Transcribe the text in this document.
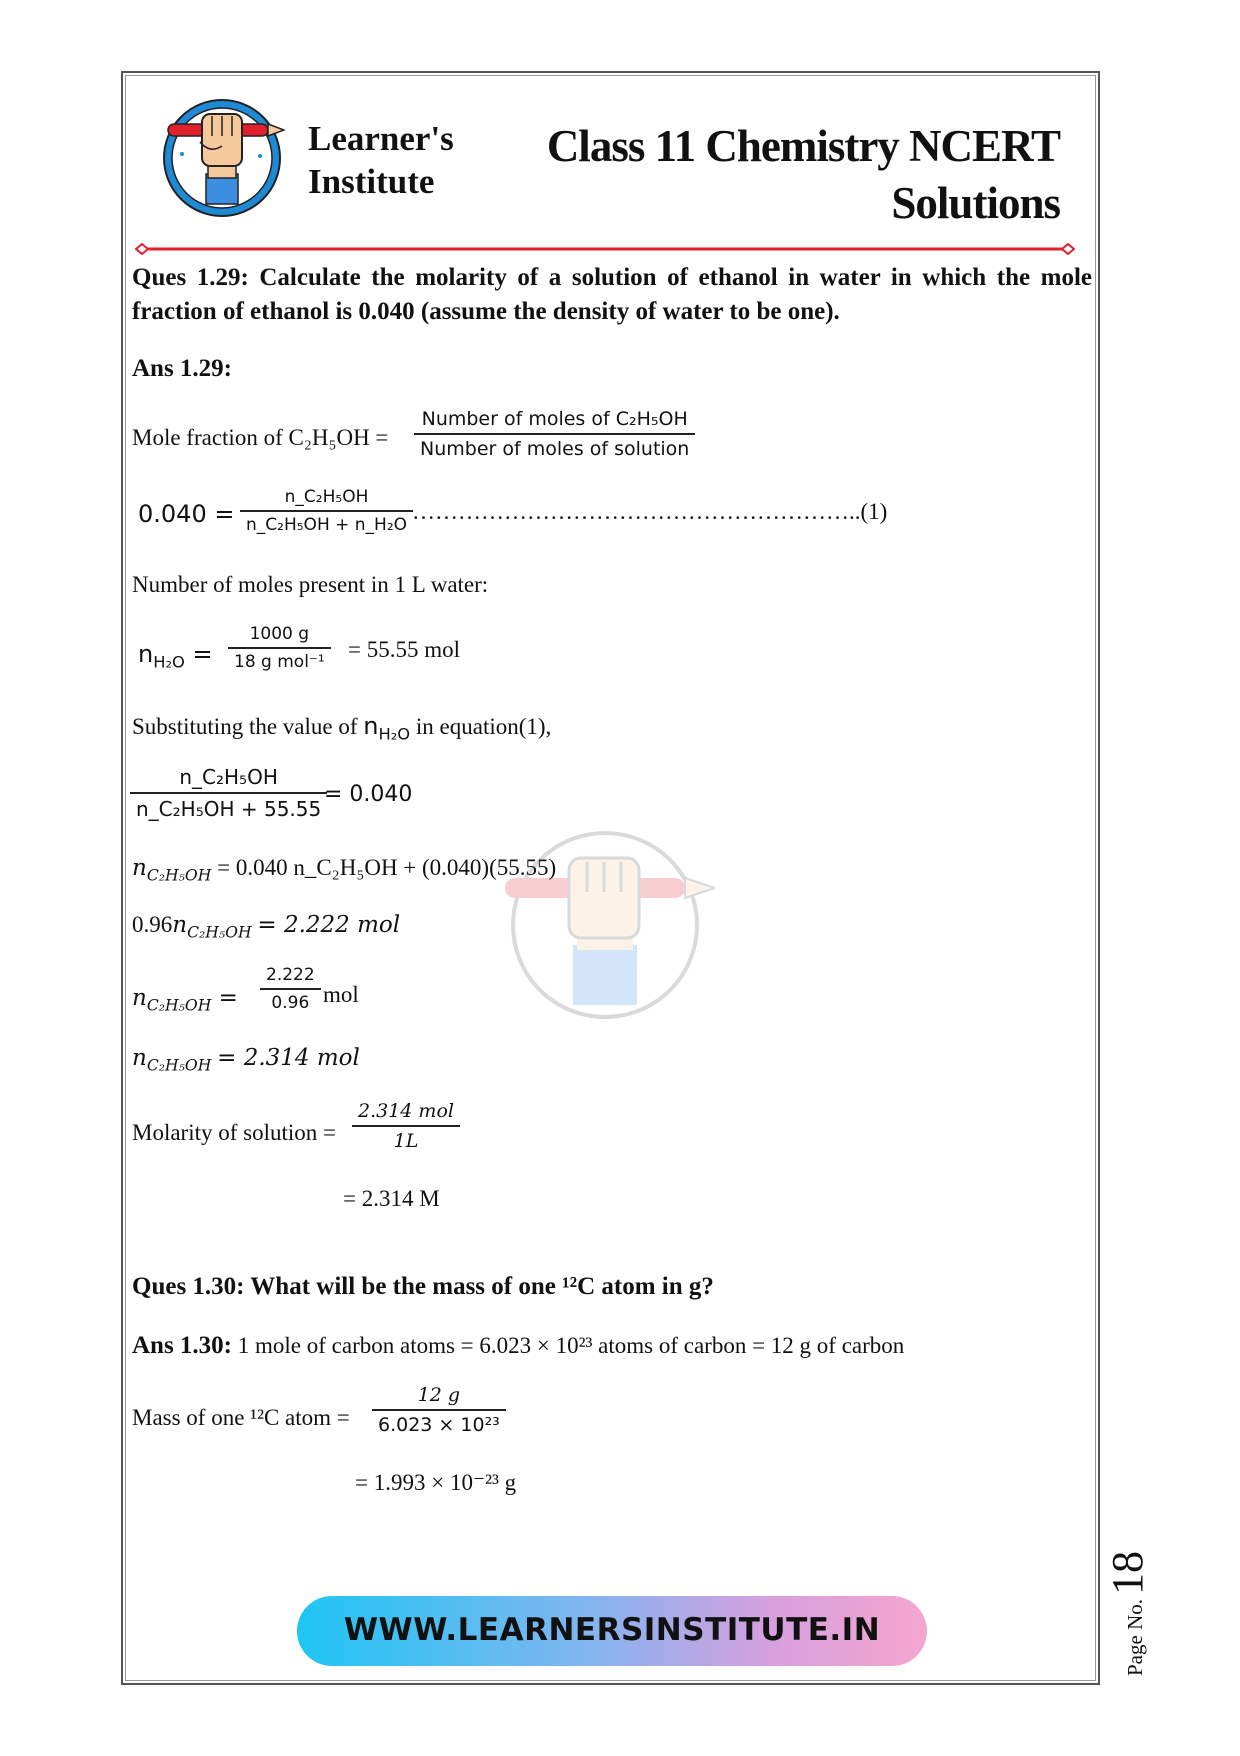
Learner's
Institute
Class 11 Chemistry NCERT
Solutions
Ques 1.29: Calculate the molarity of a solution of ethanol in water in which the mole fraction of ethanol is 0.040 (assume the density of water to be one).
Ans 1.29:
Mole fraction of C₂H₅OH =
Number of moles of C₂H₅OH
Number of moles of solution
$0.040 = \frac{\text{n\_C₂H₅OH}}{\text{n\_C₂H₅OH + n\_H₂O}}$
…………………………………………………..(1)
Number of moles present in 1 L water:
$n_{H_2O}$ =
1000 g
18 g mol⁻¹ = 55.55 mol
Substituting the value of $n_{H_2O}$ in equation(1),
$\frac{\text{n\_C₂H₅OH}}{\text{n\_C₂H₅OH + 55.55}}$
= 0.040
$n_{C_2H_5OH} = 0.040$ n_C₂H₅OH + (0.040)(55.55)
$0.96n_{C_2H_5OH} = 2.222$ mol
$n_{C_2H_5OH} = \frac{2.222}{0.96}$ mol
$n_{C_2H_5OH} = 2.314$ mol
Molarity of solution =
2.314 mol
1L
= 2.314 M
Ques 1.30: What will be the mass of one ¹²C atom in g?
Ans 1.30: 1 mole of carbon atoms = 6.023 × 10²³ atoms of carbon = 12 g of carbon
Mass of one ¹²C atom = $\frac{12 g}{\text{6.023 × 10²³}}$
= 1.993 × 10⁻²³ g
WWW.LEARNERSINSTITUTE.IN	Page No. 18
